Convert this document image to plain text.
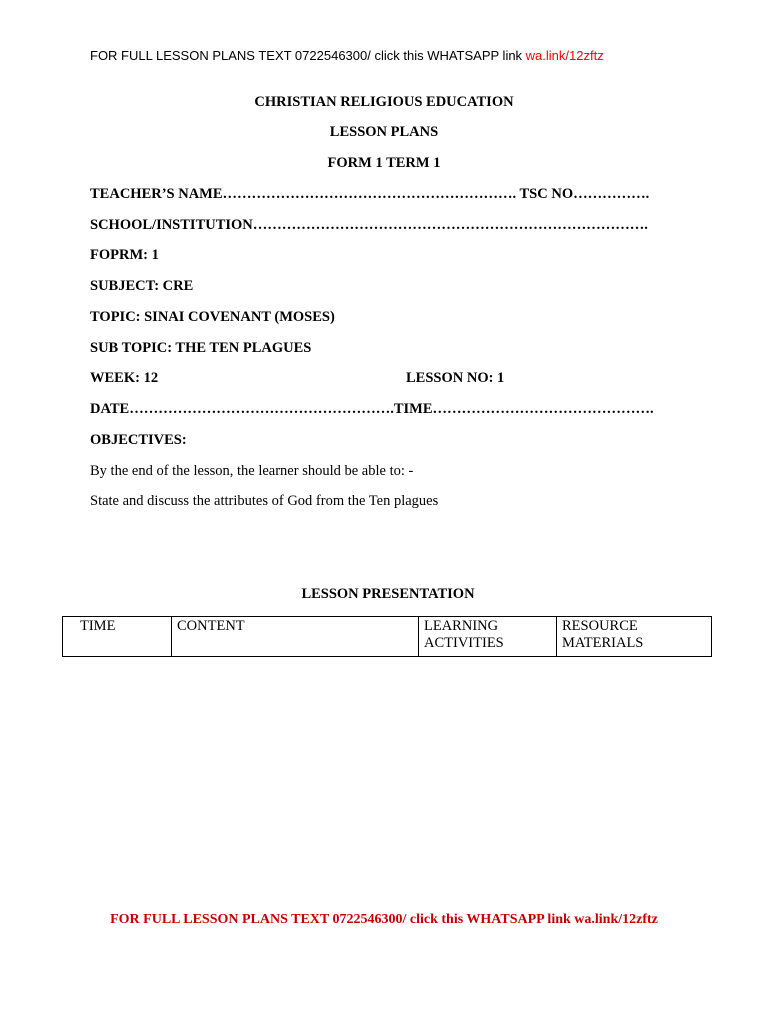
FOR FULL LESSON PLANS TEXT 0722546300/ click this WHATSAPP link wa.link/12zftz
CHRISTIAN RELIGIOUS EDUCATION
LESSON PLANS
FORM 1 TERM 1
TEACHER’S NAME……………………………………………………. TSC NO…………….
SCHOOL/INSTITUTION……………………………………………………………………….
FOPRM: 1
SUBJECT: CRE
TOPIC: SINAI COVENANT (MOSES)
SUB TOPIC: THE TEN PLAGUES
WEEK: 12	LESSON NO: 1
DATE……………………………………………….TIME……………………………………….
OBJECTIVES:
By the end of the lesson, the learner should be able to: -
State and discuss the attributes of God from the Ten plagues
LESSON PRESENTATION
TIME	CONTENT	LEARNING ACTIVITIES	RESOURCE MATERIALS
FOR FULL LESSON PLANS TEXT 0722546300/ click this WHATSAPP link wa.link/12zftz
